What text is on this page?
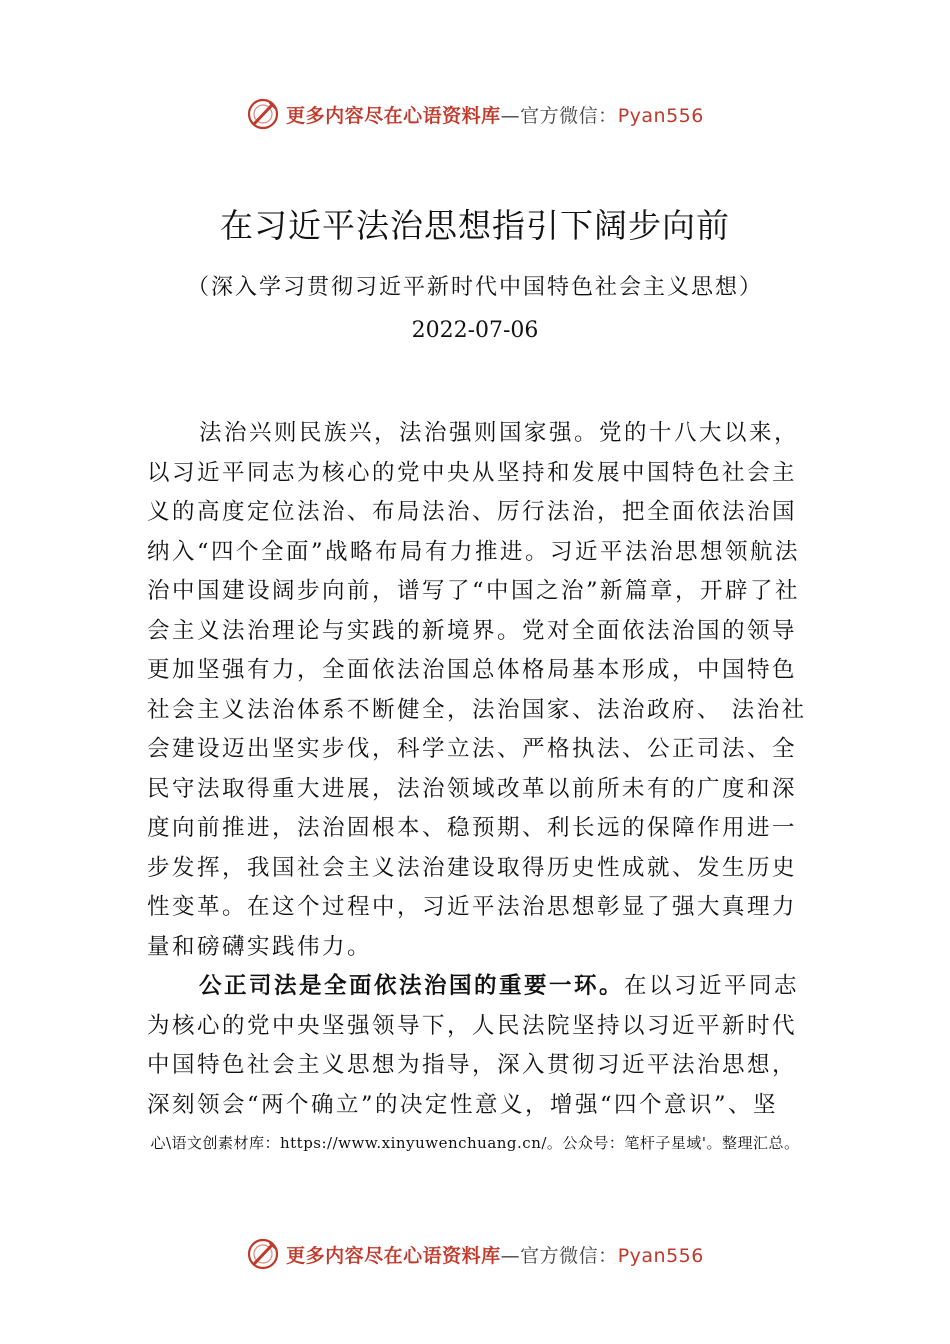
更多内容尽在心语资料库—官方微信：Pyan556
在习近平法治思想指引下阔步向前
（深入学习贯彻习近平新时代中国特色社会主义思想）
2022-07-06

法治兴则民族兴，法治强则国家强。党的十八大以来，以习近平同志为核心的党中央从坚持和发展中国特色社会主义的高度定位法治、布局法治、厉行法治，把全面依法治国纳入“四个全面”战略布局有力推进。习近平法治思想领航法治中国建设阔步向前，谱写了“中国之治”新篇章，开辟了社会主义法治理论与实践的新境界。党对全面依法治国的领导更加坚强有力，全面依法治国总体格局基本形成，中国特色社会主义法治体系不断健全，法治国家、法治政府、 法治社会建设迈出坚实步伐，科学立法、严格执法、公正司法、全民守法取得重大进展，法治领域改革以前所未有的广度和深度向前推进，法治固根本、稳预期、利长远的保障作用进一步发挥，我国社会主义法治建设取得历史性成就、发生历史性变革。在这个过程中，习近平法治思想彰显了强大真理力量和磅礴实践伟力。

公正司法是全面依法治国的重要一环。在以习近平同志为核心的党中央坚强领导下，人民法院坚持以习近平新时代中国特色社会主义思想为指导，深入贯彻习近平法治思想， 深刻领会“两个确立”的决定性意义，增强“四个意识”、坚

心\语文创素材库：https://www.xinyuwenchuang.cn/。公众号：笔杆子星域'。整理汇总。
更多内容尽在心语资料库—官方微信：Pyan556
